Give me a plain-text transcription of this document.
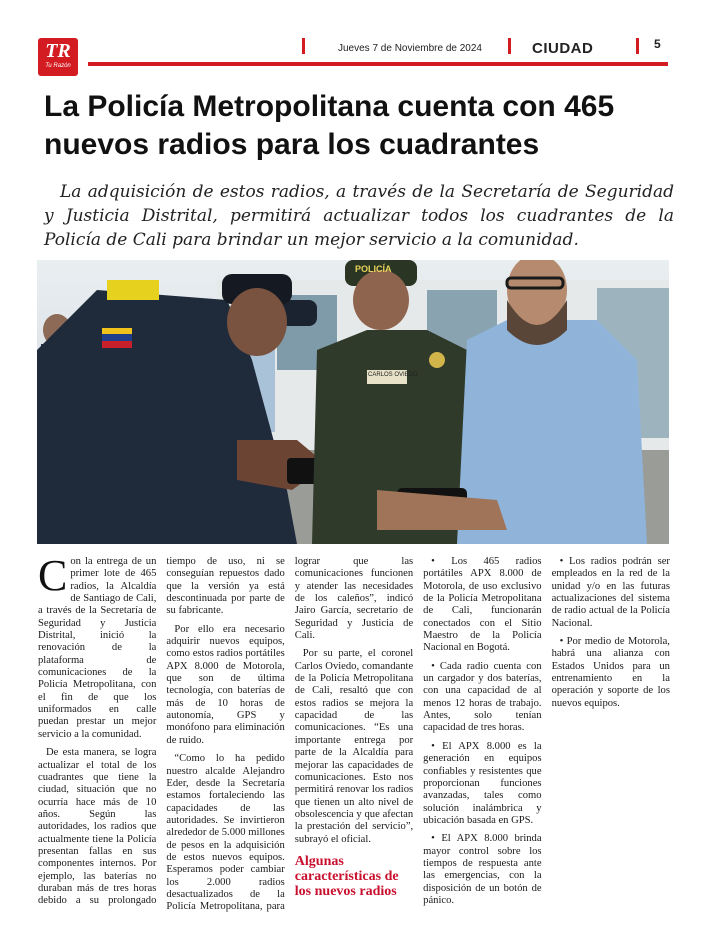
TR
Tu Razón
Jueves 7 de Noviembre de 2024	CIUDAD	5
La Policía Metropolitana cuenta con 465 nuevos radios para los cuadrantes

La adquisición de estos radios, a través de la Secretaría de Seguridad y Justicia Distrital, permitirá actualizar todos los cuadrantes de la Policía de Cali para brindar un mejor servicio a la comunidad.

POLICÍA
CARLOS OVIEDO

Con la entrega de un primer lote de 465 radios, la Alcaldía de Santiago de Cali, a través de la Secretaría de Seguridad y Justicia Distrital, inició la renovación de la plataforma de comunicaciones de la Policía Metropolitana, con el fin de que los uniformados en calle puedan prestar un mejor servicio a la comunidad.

De esta manera, se logra actualizar el total de los cuadrantes que tiene la ciudad, situación que no ocurría hace más de 10 años. Según las autoridades, los radios que actualmente tiene la Policía presentan fallas en sus componentes internos. Por ejemplo, las baterías no duraban más de tres horas debido a su prolongado tiempo de uso, ni se conseguían repuestos dado que la versión ya está descontinuada por parte de su fabricante.

Por ello era necesario adquirir nuevos equipos, como estos radios portátiles APX 8.000 de Motorola, que son de última tecnología, con baterías de más de 10 horas de autonomía, GPS y monófono para eliminación de ruido.

“Como lo ha pedido nuestro alcalde Alejandro Eder, desde la Secretaría estamos fortaleciendo las capacidades de las autoridades. Se invirtieron alrededor de 5.000 millones de pesos en la adquisición de estos nuevos equipos. Esperamos poder cambiar los 2.000 radios desactualizados de la Policía Metropolitana, para lograr que las comunicaciones funcionen y atender las necesidades de los caleños”, indicó Jairo García, secretario de Seguridad y Justicia de Cali.

Por su parte, el coronel Carlos Oviedo, comandante de la Policía Metropolitana de Cali, resaltó que con estos radios se mejora la capacidad de las comunicaciones. “Es una importante entrega por parte de la Alcaldía para mejorar las capacidades de comunicaciones. Esto nos permitirá renovar los radios que tienen un alto nivel de obsolescencia y que afectan la prestación del servicio”, subrayó el oficial.

Algunas características de los nuevos radios

• Los 465 radios portátiles APX 8.000 de Motorola, de uso exclusivo de la Policía Metropolitana de Cali, funcionarán conectados con el Sitio Maestro de la Policía Nacional en Bogotá.

• Cada radio cuenta con un cargador y dos baterías, con una capacidad de al menos 12 horas de trabajo. Antes, solo tenían capacidad de tres horas.

• El APX 8.000 es la generación en equipos confiables y resistentes que proporcionan funciones avanzadas, tales como solución inalámbrica y ubicación basada en GPS.

• El APX 8.000 brinda mayor control sobre los tiempos de respuesta ante las emergencias, con la disposición de un botón de pánico.

• Los radios podrán ser empleados en la red de la unidad y/o en las futuras actualizaciones del sistema de radio actual de la Policía Nacional.

• Por medio de Motorola, habrá una alianza con Estados Unidos para un entrenamiento en la operación y soporte de los nuevos equipos.
